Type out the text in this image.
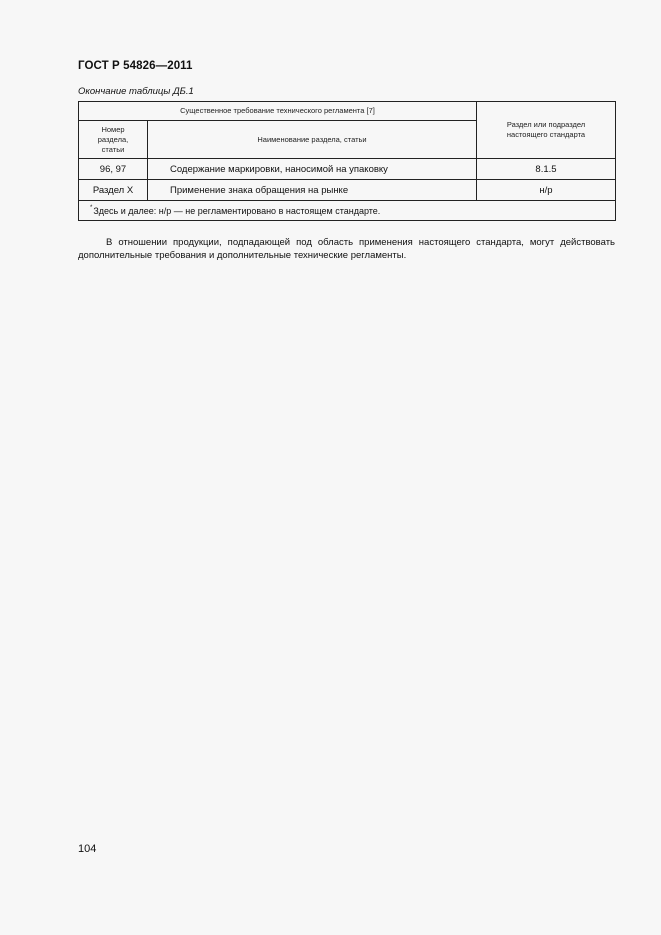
ГОСТ Р 54826—2011
Окончание таблицы ДБ.1
Существенное требование технического регламента [7]		Раздел или подраздел настоящего стандарта
Номер раздела, статьи	Наименование раздела, статьи	
96, 97	Содержание маркировки, наносимой на упаковку	8.1.5
Раздел X	Применение знака обращения на рынке	н/р
*Здесь и далее: н/р — не регламентировано в настоящем стандарте.		
В отношении продукции, подпадающей под область применения настоящего стандарта, могут действовать дополнительные требования и дополнительные технические регламенты.
104
